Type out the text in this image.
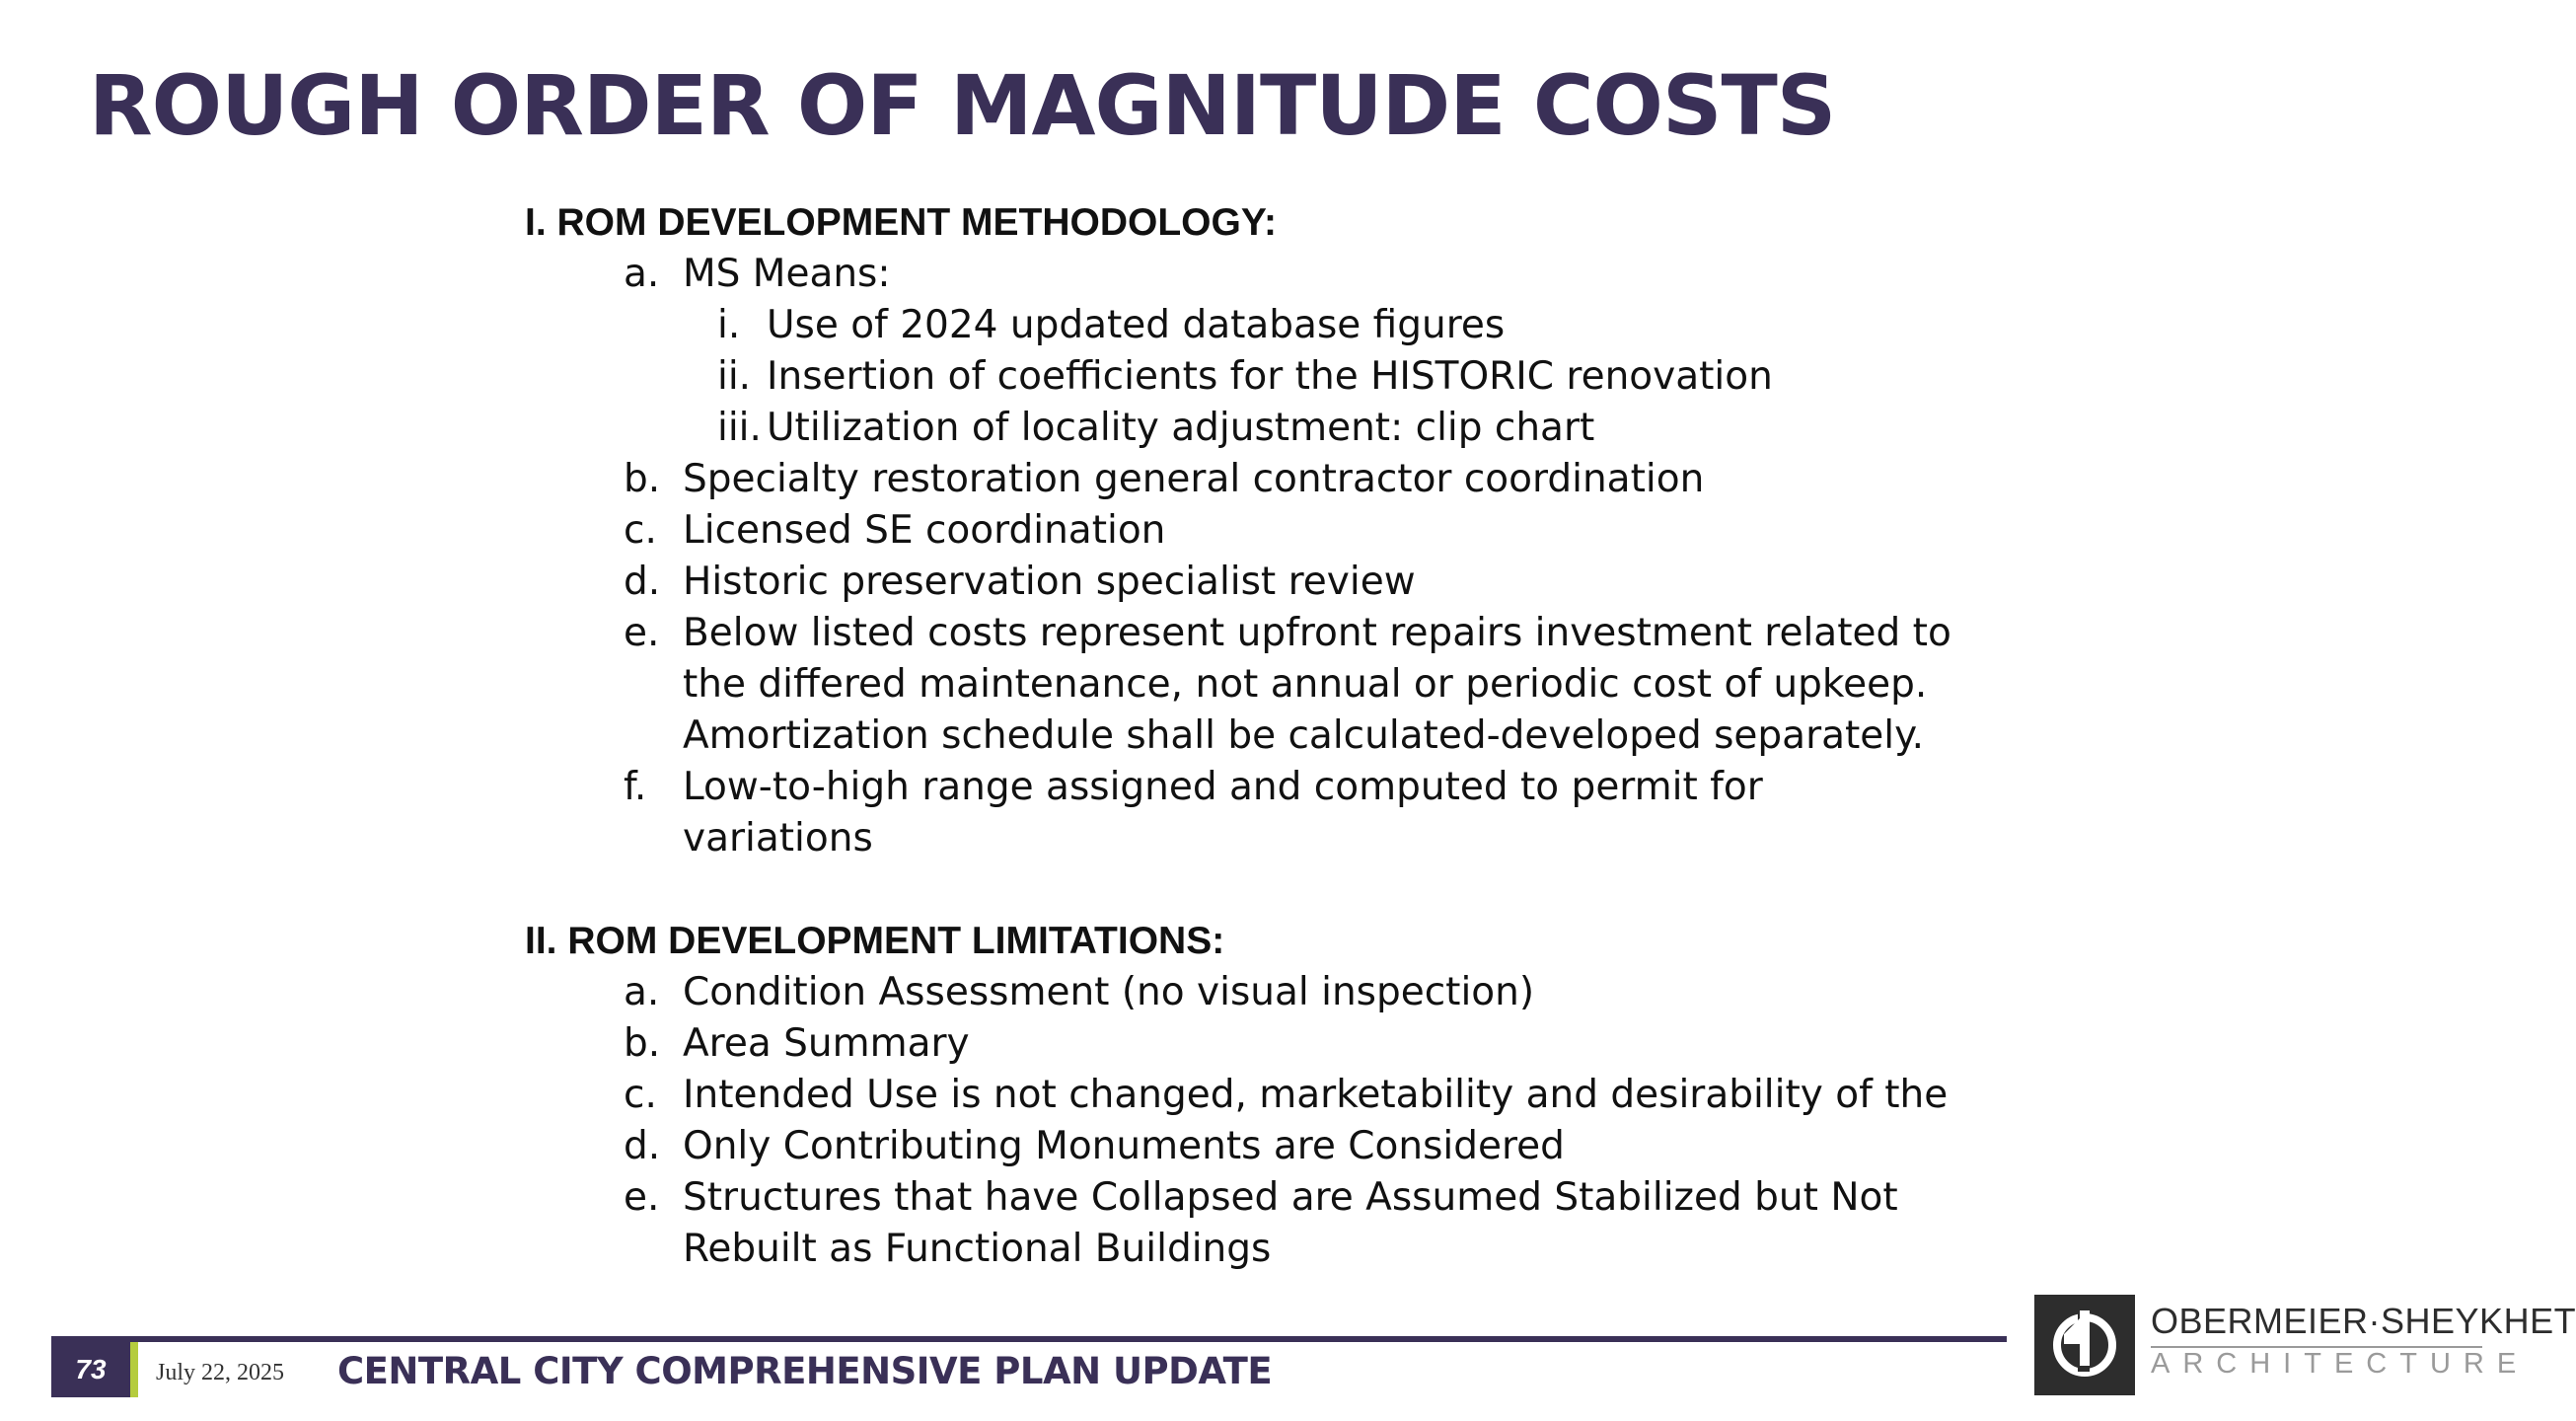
ROUGH ORDER OF MAGNITUDE COSTS
I. ROM DEVELOPMENT METHODOLOGY:
a. MS Means:
i. Use of 2024 updated database figures
ii. Insertion of coefficients for the HISTORIC renovation
iii. Utilization of locality adjustment: clip chart
b. Specialty restoration general contractor coordination
c. Licensed SE coordination
d. Historic preservation specialist review
e. Below listed costs represent upfront repairs investment related to the differed maintenance, not annual or periodic cost of upkeep. Amortization schedule shall be calculated-developed separately.
f. Low-to-high range assigned and computed to permit for variations
II. ROM DEVELOPMENT LIMITATIONS:
a. Condition Assessment (no visual inspection)
b. Area Summary
c. Intended Use is not changed, marketability and desirability of the
d. Only Contributing Monuments are Considered
e. Structures that have Collapsed are Assumed Stabilized but Not Rebuilt as Functional Buildings
73	July 22, 2025 CENTRAL CITY COMPREHENSIVE PLAN UPDATE
OBERMEIER·SHEYKHET
ARCHITECTURE
